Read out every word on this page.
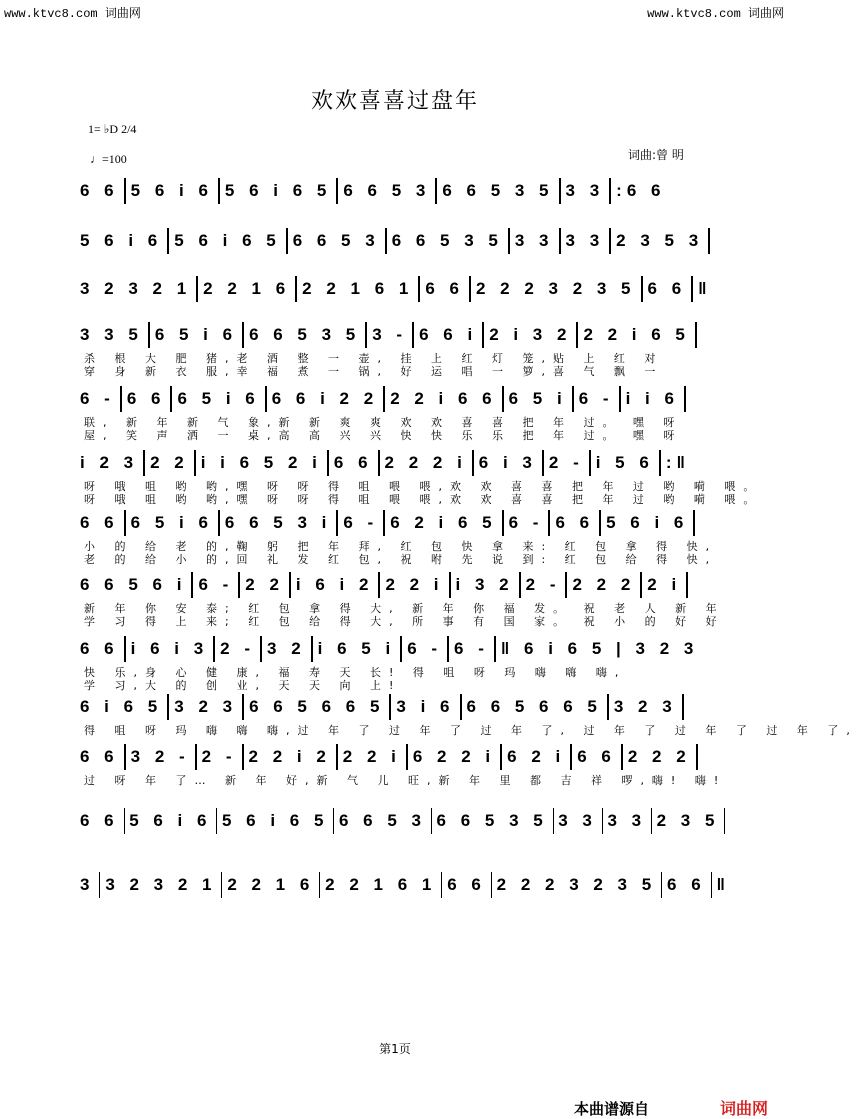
www.ktvc8.com 词曲网	www.ktvc8.com 词曲网
欢欢喜喜过盘年
1= ♭D 2/4
♩=100	词曲:曾 明
6 6 5 6 i 6 5 6 i 6 5 6 6 5 3 6 6 5 3 5 3 3 :6 6
5 6 i 6 5 6 i 6 5 6 6 5 3 6 6 5 3 5 3 3 3 3 2 3 5 3
3 2 3 2 1 2 2 1 6 2 2 1 6 1 6 6 2 2 2 3 2 3 5 6 6 ‖
3 3 5 6 5 i 6 6 6 5 3 5 3 - 6 6 i 2 i 3 2 2 2 i 6 5
杀 根 大 肥 猪,老 酒 整 一 壶, 挂 上 红 灯 笼,贴 上 红 对
穿 身 新 衣 服,幸 福 煮 一 锅, 好 运 唱 一 箩,喜 气 飘 一
6 - 6 6 6 5 i 6 6 6 i 2 2 2 2 i 6 6 6 5 i 6 - i i 6
联, 新 年 新 气 象,新 新 爽 爽 欢 欢 喜 喜 把 年 过。 嘿 呀
屋, 笑 声 洒 一 桌,高 高 兴 兴 快 快 乐 乐 把 年 过。 嘿 呀
i 2 3 2 2 i i 6 5 2 i 6 6 2 2 2 i 6 i 3 2 - i 5 6 :‖
呀 哦 咀 哟 哟,嘿 呀 呀 得 咀 喂 喂,欢 欢 喜 喜 把 年 过 哟 嗬 喂。
呀 哦 咀 哟 哟,嘿 呀 呀 得 咀 喂 喂,欢 欢 喜 喜 把 年 过 哟 嗬 喂。
6 6 6 5 i 6 6 6 5 3 i 6 - 6 2 i 6 5 6 - 6 6 5 6 i 6
小 的 给 老 的,鞠 躬 把 年 拜, 红 包 快 拿 来: 红 包 拿 得 快,
老 的 给 小 的,回 礼 发 红 包, 祝 咐 先 说 到: 红 包 给 得 快,
6 6 5 6 i 6 - 2 2 i 6 i 2 2 2 i i 3 2 2 - 2 2 2 2 i
新 年 你 安 泰; 红 包 拿 得 大, 新 年 你 福 发。 祝 老 人 新 年
学 习 得 上 来; 红 包 给 得 大, 所 事 有 国 家。 祝 小 的 好 好
6 6 i 6 i 3 2 - 3 2 i 6 5 i 6 - 6 - ‖ 6 i 6 5 | 3 2 3
快 乐,身 心 健 康, 福 寿 天 长! 得 咀 呀 玛 嗨 嗨 嗨,
学 习,大 的 创 业, 天 天 向 上!
6 i 6 5 3 2 3 6 6 5 6 6 5 3 i 6 6 6 5 6 6 5 3 2 3
得 咀 呀 玛 嗨 嗨 嗨,过 年 了 过 年 了 过 年 了, 过 年 了 过 年 了 过 年 了,
6 6 3 2 - 2 - 2 2 i 2 2 2 i 6 2 2 i 6 2 i 6 6 2 2 2
过 呀 年 了… 新 年 好,新 气 儿 旺,新 年 里 都 吉 祥 啰,嗨! 嗨!
6 6 5 6 i 6 5 6 i 6 5 6 6 5 3 6 6 5 3 5 3 3 3 3 2 3 5
3 3 2 3 2 1 2 2 1 6 2 2 1 6 1 6 6 2 2 2 3 2 3 5 6 6 ‖
第1页
本曲谱源自	词曲网
